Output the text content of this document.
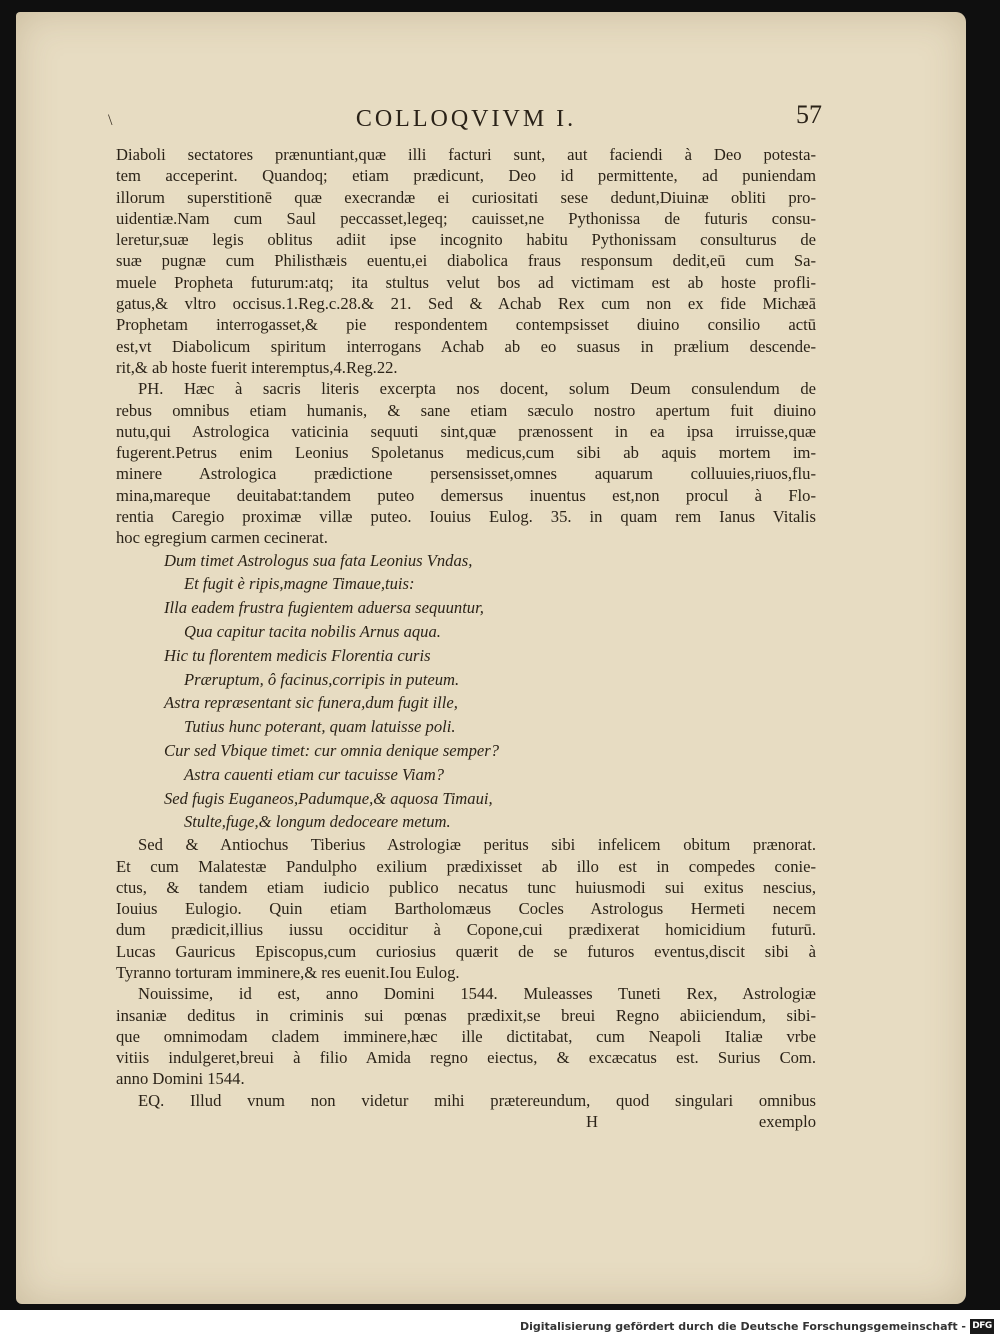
\	COLLOQVIVM I.	57
Diaboli sectatores prænuntiant,quæ illi facturi sunt, aut faciendi à Deo potesta-
tem acceperint. Quandoq; etiam prædicunt, Deo id permittente, ad puniendam
illorum superstitionē quæ execrandæ ei curiositati sese dedunt,Diuinæ obliti pro-
uidentiæ.Nam cum Saul peccasset,legeq; cauisset,ne Pythonissa de futuris consu-
leretur,suæ legis oblitus adiit ipse incognito habitu Pythonissam consulturus de
suæ pugnæ cum Philisthæis euentu,ei diabolica fraus responsum dedit,eū cum Sa-
muele Propheta futurum:atq; ita stultus velut bos ad victimam est ab hoste profli-
gatus,& vltro occisus.1.Reg.c.28.& 21. Sed & Achab Rex cum non ex fide Michæā
Prophetam interrogasset,& pie respondentem contempsisset diuino consilio actū
est,vt Diabolicum spiritum interrogans Achab ab eo suasus in prælium descende-
rit,& ab hoste fuerit interemptus,4.Reg.22.
PH. Hæc à sacris literis excerpta nos docent, solum Deum consulendum de
rebus omnibus etiam humanis, & sane etiam sæculo nostro apertum fuit diuino
nutu,qui Astrologica vaticinia sequuti sint,quæ prænossent in ea ipsa irruisse,quæ
fugerent.Petrus enim Leonius Spoletanus medicus,cum sibi ab aquis mortem im-
minere Astrologica prædictione persensisset,omnes aquarum colluuies,riuos,flu-
mina,mareque deuitabat:tandem puteo demersus inuentus est,non procul à Flo-
rentia Caregio proximæ villæ puteo. Iouius Eulog. 35. in quam rem Ianus Vitalis
hoc egregium carmen cecinerat.
Dum timet Astrologus sua fata Leonius Vndas,
Et fugit è ripis,magne Timaue,tuis:
Illa eadem frustra fugientem aduersa sequuntur,
Qua capitur tacita nobilis Arnus aqua.
Hic tu florentem medicis Florentia curis
Præruptum, ô facinus,corripis in puteum.
Astra repræsentant sic funera,dum fugit ille,
Tutius hunc poterant, quam latuisse poli.
Cur sed Vbique timet: cur omnia denique semper?
Astra cauenti etiam cur tacuisse Viam?
Sed fugis Euganeos,Padumque,& aquosa Timaui,
Stulte,fuge,& longum dedoceare metum.
Sed & Antiochus Tiberius Astrologiæ peritus sibi infelicem obitum prænorat.
Et cum Malatestæ Pandulpho exilium prædixisset ab illo est in compedes conie-
ctus, & tandem etiam iudicio publico necatus tunc huiusmodi sui exitus nescius,
Iouius Eulogio. Quin etiam Bartholomæus Cocles Astrologus Hermeti necem
dum prædicit,illius iussu occiditur à Copone,cui prædixerat homicidium futurū.
Lucas Gauricus Episcopus,cum curiosius quærit de se futuros eventus,discit sibi à
Tyranno torturam imminere,& res euenit.Iou Eulog.
Nouissime, id est, anno Domini 1544. Muleasses Tuneti Rex, Astrologiæ
insaniæ deditus in criminis sui pœnas prædixit,se breui Regno abiiciendum, sibi-
que omnimodam cladem imminere,hæc ille dictitabat, cum Neapoli Italiæ vrbe
vitiis indulgeret,breui à filio Amida regno eiectus, & excæcatus est. Surius Com.
anno Domini 1544.
EQ. Illud vnum non videtur mihi prætereundum, quod singulari omnibus
H	exemplo
Digitalisierung gefördert durch die Deutsche Forschungsgemeinschaft - DFG
